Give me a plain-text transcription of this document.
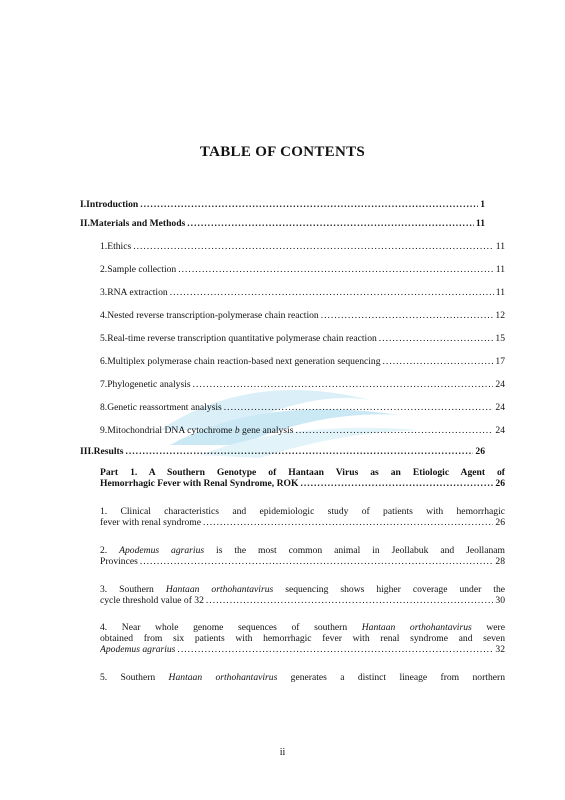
TABLE OF CONTENTS
I. Introduction .....	1
II. Materials and Methods .....	11
1. Ethics .....	11
2. Sample collection .....	11
3. RNA extraction .....	11
4. Nested reverse transcription-polymerase chain reaction .....	12
5. Real-time reverse transcription quantitative polymerase chain reaction .....	15
6. Multiplex polymerase chain reaction-based next generation sequencing .....	17
7. Phylogenetic analysis .....	24
8. Genetic reassortment analysis .....	24
9. Mitochondrial DNA cytochrome b gene analysis .....	24
III. Results .....	26
Part 1. A Southern Genotype of Hantaan Virus as an Etiologic Agent of
Hemorrhagic Fever with Renal Syndrome, ROK .....	26
1. Clinical characteristics and epidemiologic study of patients with hemorrhagic
fever with renal syndrome .....	26
2. Apodemus agrarius is the most common animal in Jeollabuk and Jeollanam
Provinces .....	28
3. Southern Hantaan orthohantavirus sequencing shows higher coverage under the
cycle threshold value of 32 .....	30
4. Near whole genome sequences of southern Hantaan orthohantavirus were
obtained from six patients with hemorrhagic fever with renal syndrome and seven
Apodemus agrarius .....	32
5. Southern Hantaan orthohantavirus generates a distinct lineage from northern
ii
